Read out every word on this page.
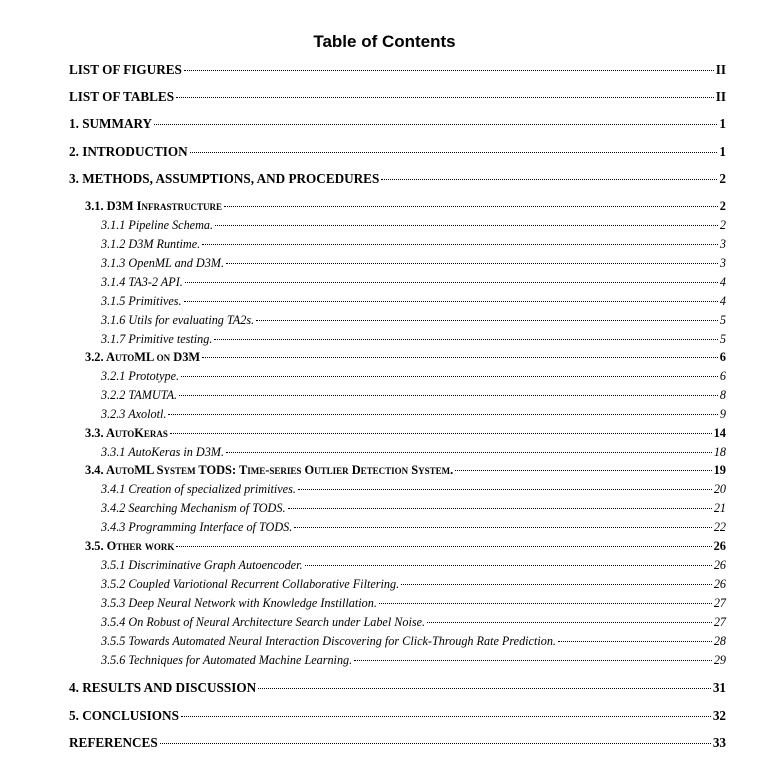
Table of Contents
LIST OF FIGURES	II
LIST OF TABLES	II
1. SUMMARY	1
2. INTRODUCTION	1
3. METHODS, ASSUMPTIONS, AND PROCEDURES	2
3.1. D3M Infrastructure	2
3.1.1 Pipeline Schema.	2
3.1.2 D3M Runtime.	3
3.1.3 OpenML and D3M.	3
3.1.4 TA3-2 API.	4
3.1.5 Primitives.	4
3.1.6 Utils for evaluating TA2s.	5
3.1.7 Primitive testing.	5
3.2. AutoML on D3M	6
3.2.1 Prototype.	6
3.2.2 TAMUTA.	8
3.2.3 Axolotl.	9
3.3. AutoKeras	14
3.3.1 AutoKeras in D3M.	18
3.4. AutoML System TODS: Time-series Outlier Detection System.	19
3.4.1 Creation of specialized primitives.	20
3.4.2 Searching Mechanism of TODS.	21
3.4.3 Programming Interface of TODS.	22
3.5. Other work	26
3.5.1 Discriminative Graph Autoencoder.	26
3.5.2 Coupled Variotional Recurrent Collaborative Filtering.	26
3.5.3 Deep Neural Network with Knowledge Instillation.	27
3.5.4 On Robust of Neural Architecture Search under Label Noise.	27
3.5.5 Towards Automated Neural Interaction Discovering for Click-Through Rate Prediction.	28
3.5.6 Techniques for Automated Machine Learning.	29
4. RESULTS AND DISCUSSION	31
5. CONCLUSIONS	32
REFERENCES	33
